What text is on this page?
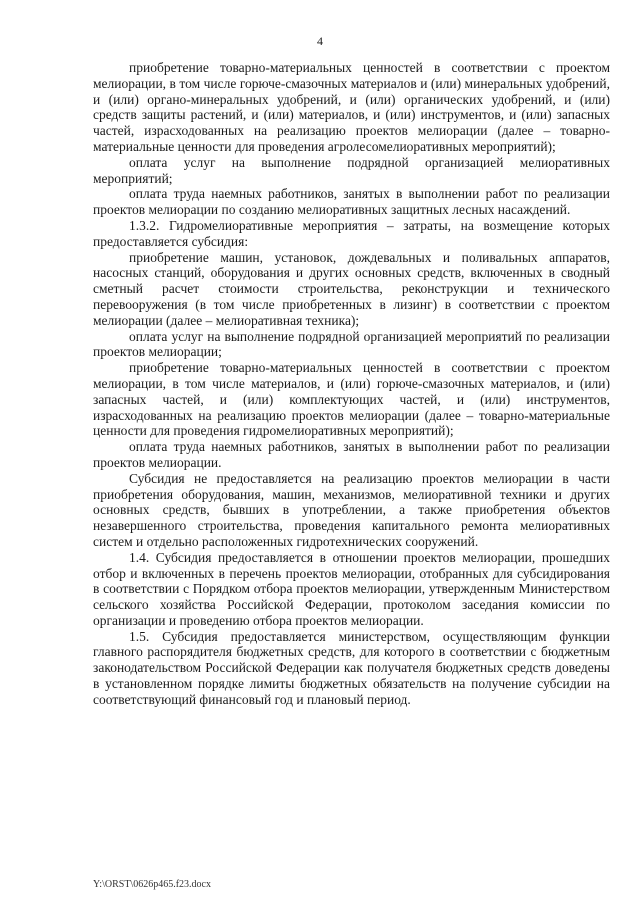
4

приобретение товарно-материальных ценностей в соответствии с проектом мелиорации, в том числе горюче-смазочных материалов и (или) минеральных удобрений, и (или) органо-минеральных удобрений, и (или) органических удобрений, и (или) средств защиты растений, и (или) материалов, и (или) инструментов, и (или) запасных частей, израсходованных на реализацию проектов мелиорации (далее – товарно-материальные ценности для проведения агролесомелиоративных мероприятий);

оплата услуг на выполнение подрядной организацией мелиоративных мероприятий;

оплата труда наемных работников, занятых в выполнении работ по реализации проектов мелиорации по созданию мелиоративных защитных лесных насаждений.

1.3.2. Гидромелиоративные мероприятия – затраты, на возмещение которых предоставляется субсидия:

приобретение машин, установок, дождевальных и поливальных аппаратов, насосных станций, оборудования и других основных средств, включенных в сводный сметный расчет стоимости строительства, реконструкции и технического перевооружения (в том числе приобретенных в лизинг) в соответствии с проектом мелиорации (далее – мелиоративная техника);

оплата услуг на выполнение подрядной организацией мероприятий по реализации проектов мелиорации;

приобретение товарно-материальных ценностей в соответствии с проектом мелиорации, в том числе материалов, и (или) горюче-смазочных материалов, и (или) запасных частей, и (или) комплектующих частей, и (или) инструментов, израсходованных на реализацию проектов мелиорации (далее – товарно-материальные ценности для проведения гидромелиоративных мероприятий);

оплата труда наемных работников, занятых в выполнении работ по реализации проектов мелиорации.

Субсидия не предоставляется на реализацию проектов мелиорации в части приобретения оборудования, машин, механизмов, мелиоративной техники и других основных средств, бывших в употреблении, а также приобретения объектов незавершенного строительства, проведения капитального ремонта мелиоративных систем и отдельно расположенных гидротехнических сооружений.

1.4. Субсидия предоставляется в отношении проектов мелиорации, прошедших отбор и включенных в перечень проектов мелиорации, отобранных для субсидирования в соответствии с Порядком отбора проектов мелиорации, утвержденным Министерством сельского хозяйства Российской Федерации, протоколом заседания комиссии по организации и проведению отбора проектов мелиорации.

1.5. Субсидия предоставляется министерством, осуществляющим функции главного распорядителя бюджетных средств, для которого в соответствии с бюджетным законодательством Российской Федерации как получателя бюджетных средств доведены в установленном порядке лимиты бюджетных обязательств на получение субсидии на соответствующий финансовый год и плановый период.

Y:\ORST\0626p465.f23.docx
